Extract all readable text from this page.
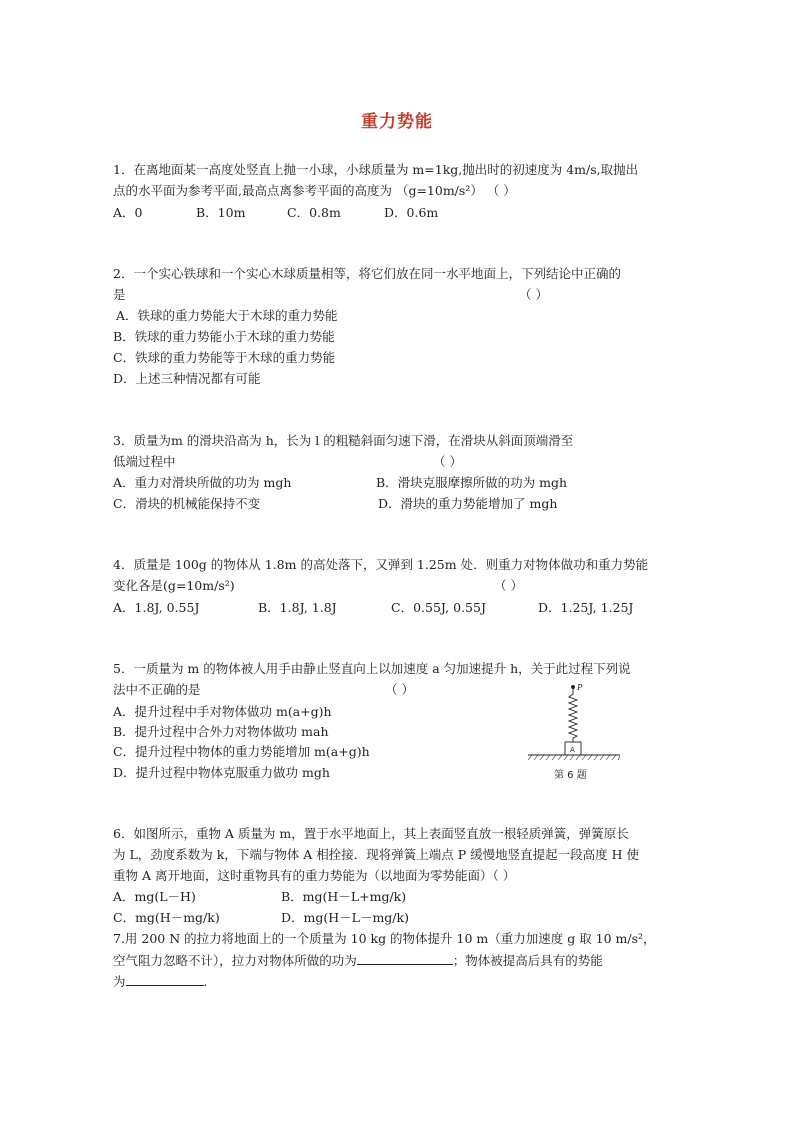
重力势能
1．在离地面某一高度处竖直上抛一小球，小球质量为 m=1kg,抛出时的初速度为 4m/s,取抛出
点的水平面为参考平面,最高点离参考平面的高度为 （g=10m/s²） （ ）
A．0	B．10m	C．0.8m	D．0.6m
2．一个实心铁球和一个实心木球质量相等，将它们放在同一水平地面上，下列结论中正确的
是	（ ）
A．铁球的重力势能大于木球的重力势能
B．铁球的重力势能小于木球的重力势能
C．铁球的重力势能等于木球的重力势能
D．上述三种情况都有可能
3．质量为m 的滑块沿高为 h，长为 l 的粗糙斜面匀速下滑，在滑块从斜面顶端滑至
低端过程中	（ ）
A．重力对滑块所做的功为 mgh	B．滑块克服摩擦所做的功为 mgh
C．滑块的机械能保持不变	D．滑块的重力势能增加了 mgh
4．质量是 100g 的物体从 1.8m 的高处落下，又弹到 1.25m 处．则重力对物体做功和重力势能
变化各是(g=10m/s²)	（ ）
A．1.8J, 0.55J	B．1.8J, 1.8J	C．0.55J, 0.55J	D．1.25J, 1.25J
5．一质量为 m 的物体被人用手由静止竖直向上以加速度 a 匀加速提升 h，关于此过程下列说
法中不正确的是	（ ）
A．提升过程中手对物体做功 m(a+g)h
B．提升过程中合外力对物体做功 mah
C．提升过程中物体的重力势能增加 m(a+g)h
D．提升过程中物体克服重力做功 mgh
P
A
第 6 题
6．如图所示，重物 A 质量为 m，置于水平地面上，其上表面竖直放一根轻质弹簧，弹簧原长
为 L，劲度系数为 k，下端与物体 A 相拴接．现将弹簧上端点 P 缓慢地竖直提起一段高度 H 使
重物 A 离开地面，这时重物具有的重力势能为（以地面为零势能面）（ ）
A．mg(L－H)	B．mg(H－L+mg/k)
C．mg(H－mg/k)	D．mg(H－L－mg/k)
7.用 200 N 的拉力将地面上的一个质量为 10 kg 的物体提升 10 m（重力加速度 g 取 10 m/s²，
空气阻力忽略不计），拉力对物体所做的功为	；物体被提高后具有的势能
为	.
